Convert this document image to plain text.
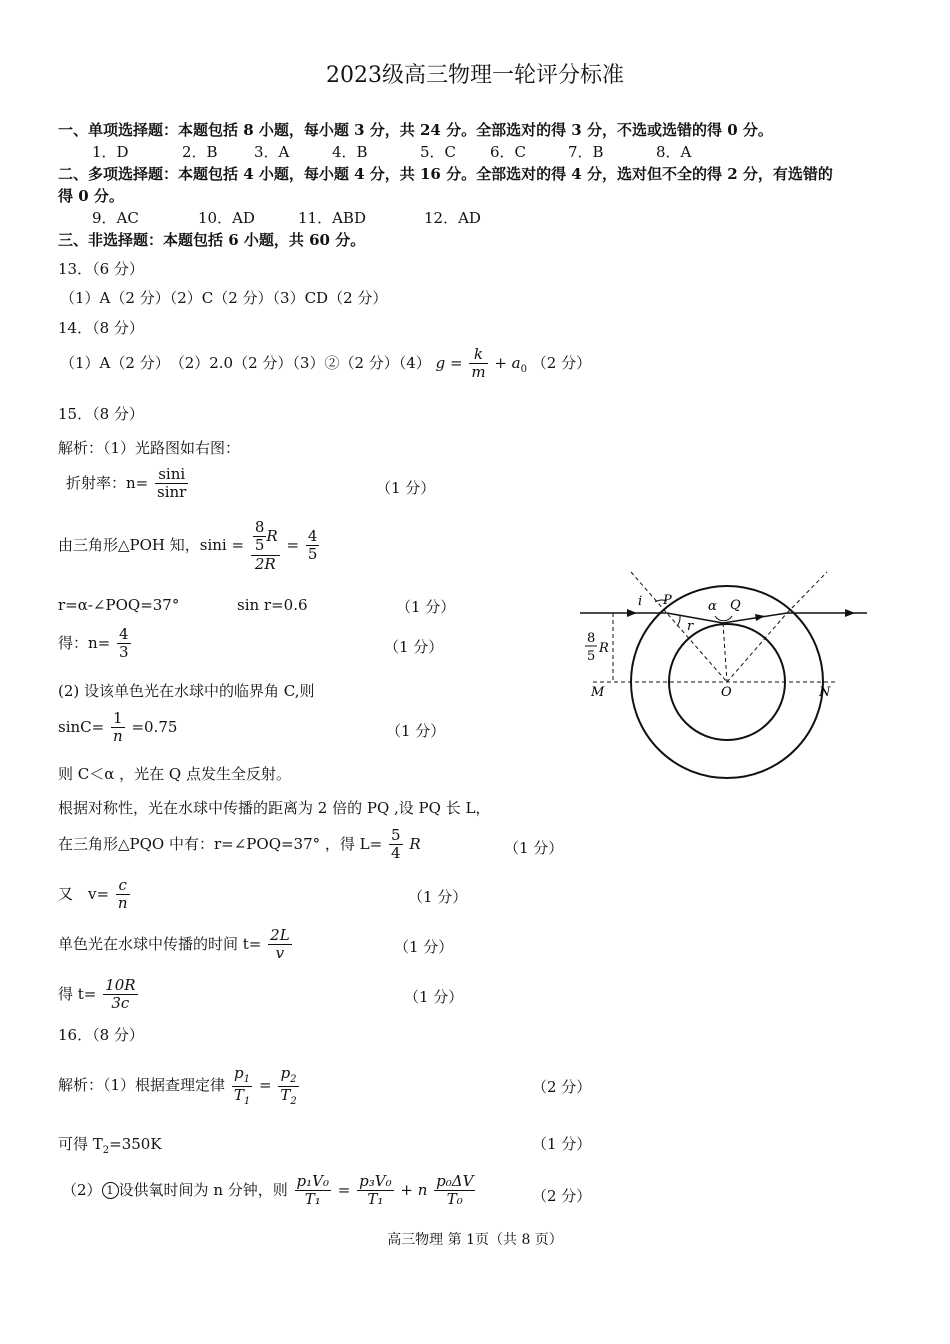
2023级高三物理一轮评分标准
一、单项选择题：本题包括 8 小题，每小题 3 分，共 24 分。全部选对的得 3 分，不选或选错的得 0 分。
1．D	2．B 3．A	4．B	5．C 6．C	7．B	8．A
二、多项选择题：本题包括 4 小题，每小题 4 分，共 16 分。全部选对的得 4 分，选对但不全的得 2 分，有选错的
得 0 分。
9．AC	10．AD	11．ABD	12．AD
三、非选择题：本题包括 6 小题，共 60 分。
13．（6 分）
（1）A（2 分）（2）C（2 分）（3）CD（2 分）
14．（8 分）
（1）A（2 分）　（2）2.0（2 分）（3）②（2 分）（4） $g = \frac{k}{m} + a_0$ （2 分）
15．（8 分）
解析：（1）光路图如右图：
折射率：$n= \frac{\sin i}{\sin r}$	（1 分）
由三角形△POH 知，$\sin i = \frac{\frac{8}{5} R}{2R} = \frac{4}{5}$
r=α-∠POQ=37°	sin r=0.6	（1 分）
得：$n= \frac{4}{3}$	（1 分）
(2) 设该单色光在水球中的临界角 C,则
$\sin C= \frac{1}{n} =0.75$	（1 分）
则 C＜α ，光在 Q 点发生全反射。
根据对称性，光在水球中传播的距离为 2 倍的 PQ ,设 PQ 长 L，
在三角形△PQO 中有：r=∠POQ=37° ，得 $L= \frac{5}{4}$ R	（1 分）
又　$v= \frac{c}{n}$	（1 分）
单色光在水球中传播的时间 $t= \frac{2L}{v}$	（1 分）
得 $t= \frac{10R}{3c}$	（1 分）
i P	α Q
r
8
5
R
M	O	N
16．（8 分）
解析：（1）根据查理定律 $\frac{p_1}{T_1} = \frac{p_2}{T_2}$	（2 分）
可得 $T_2=350K$	（1 分）
（2） 1 设供氧时间为 n 分钟，则 $\frac{\text{p₁V₀}}{\text{T₁}} = \frac{\text{p₃V₀}}{\text{T₁}} + n \frac{\text{p₀ΔV}}{\text{T₀}}$	（2 分）
高三物理 第 1页（共 8 页）
